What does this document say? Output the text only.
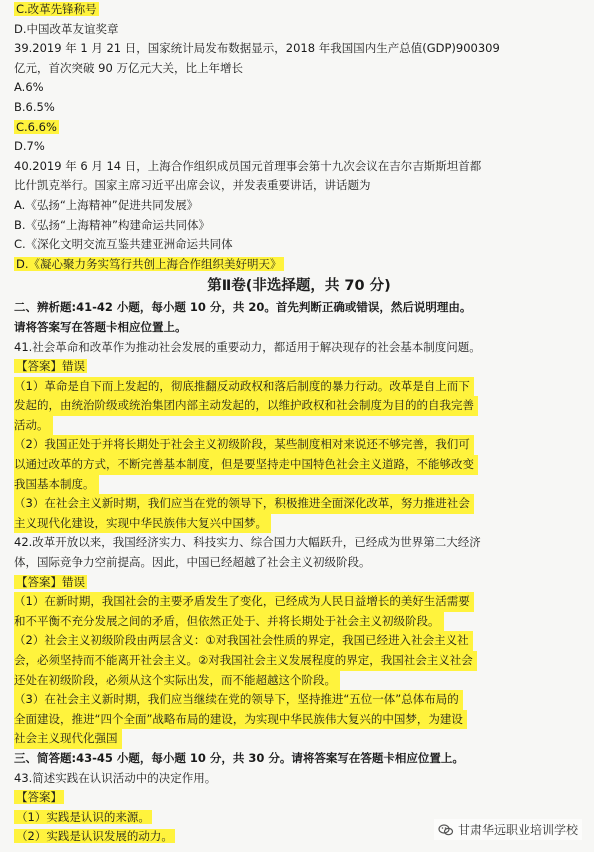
C.改革先锋称号
D.中国改革友谊奖章
39.2019 年 1 月 21 日，国家统计局发布数据显示，2018 年我国国内生产总值(GDP)900309
亿元，首次突破 90 万亿元大关，比上年增长
A.6%
B.6.5%
C.6.6%
D.7%
40.2019 年 6 月 14 日，上海合作组织成员国元首理事会第十九次会议在吉尔吉斯斯坦首都
比什凯克举行。国家主席习近平出席会议，并发表重要讲话，讲话题为
A.《弘扬“上海精神”促进共同发展》
B.《弘扬“上海精神”构建命运共同体》
C.《深化文明交流互鉴共建亚洲命运共同体
D.《凝心聚力务实笃行共创上海合作组织美好明天》
第Ⅱ卷(非选择题，共 70 分)
二、辨析题:41-42 小题，每小题 10 分，共 20。首先判断正确或错误，然后说明理由。
请将答案写在答题卡相应位置上。
41.社会革命和改革作为推动社会发展的重要动力，都适用于解决现存的社会基本制度问题。
【答案】错误
（1）革命是自下而上发起的，彻底推翻反动政权和落后制度的暴力行动。改革是自上而下
发起的，由统治阶级或统治集团内部主动发起的，以维护政权和社会制度为目的的自我完善
活动。
（2）我国正处于并将长期处于社会主义初级阶段，某些制度相对来说还不够完善，我们可
以通过改革的方式，不断完善基本制度，但是要坚持走中国特色社会主义道路，不能够改变
我国基本制度。
（3）在社会主义新时期，我们应当在党的领导下，积极推进全面深化改革，努力推进社会
主义现代化建设，实现中华民族伟大复兴中国梦。
42.改革开放以来，我国经济实力、科技实力、综合国力大幅跃升，已经成为世界第二大经济
体，国际竞争力空前提高。因此，中国已经超越了社会主义初级阶段。
【答案】错误
（1）在新时期，我国社会的主要矛盾发生了变化，已经成为人民日益增长的美好生活需要
和不平衡不充分发展之间的矛盾，但依然正处于、并将长期处于社会主义初级阶段。
（2）社会主义初级阶段由两层含义：①对我国社会性质的界定，我国已经进入社会主义社
会，必须坚持而不能离开社会主义。②对我国社会主义发展程度的界定，我国社会主义社会
还处在初级阶段，必须从这个实际出发，而不能超越这个阶段。
（3）在社会主义新时期，我们应当继续在党的领导下，坚持推进“五位一体”总体布局的
全面建设，推进“四个全面”战略布局的建设，为实现中华民族伟大复兴的中国梦，为建设
社会主义现代化强国
三、简答题:43-45 小题，每小题 10 分，共 30 分。请将答案写在答题卡相应位置上。
43.简述实践在认识活动中的决定作用。
【答案】
（1）实践是认识的来源。
（2）实践是认识发展的动力。	甘肃华远职业培训学校
